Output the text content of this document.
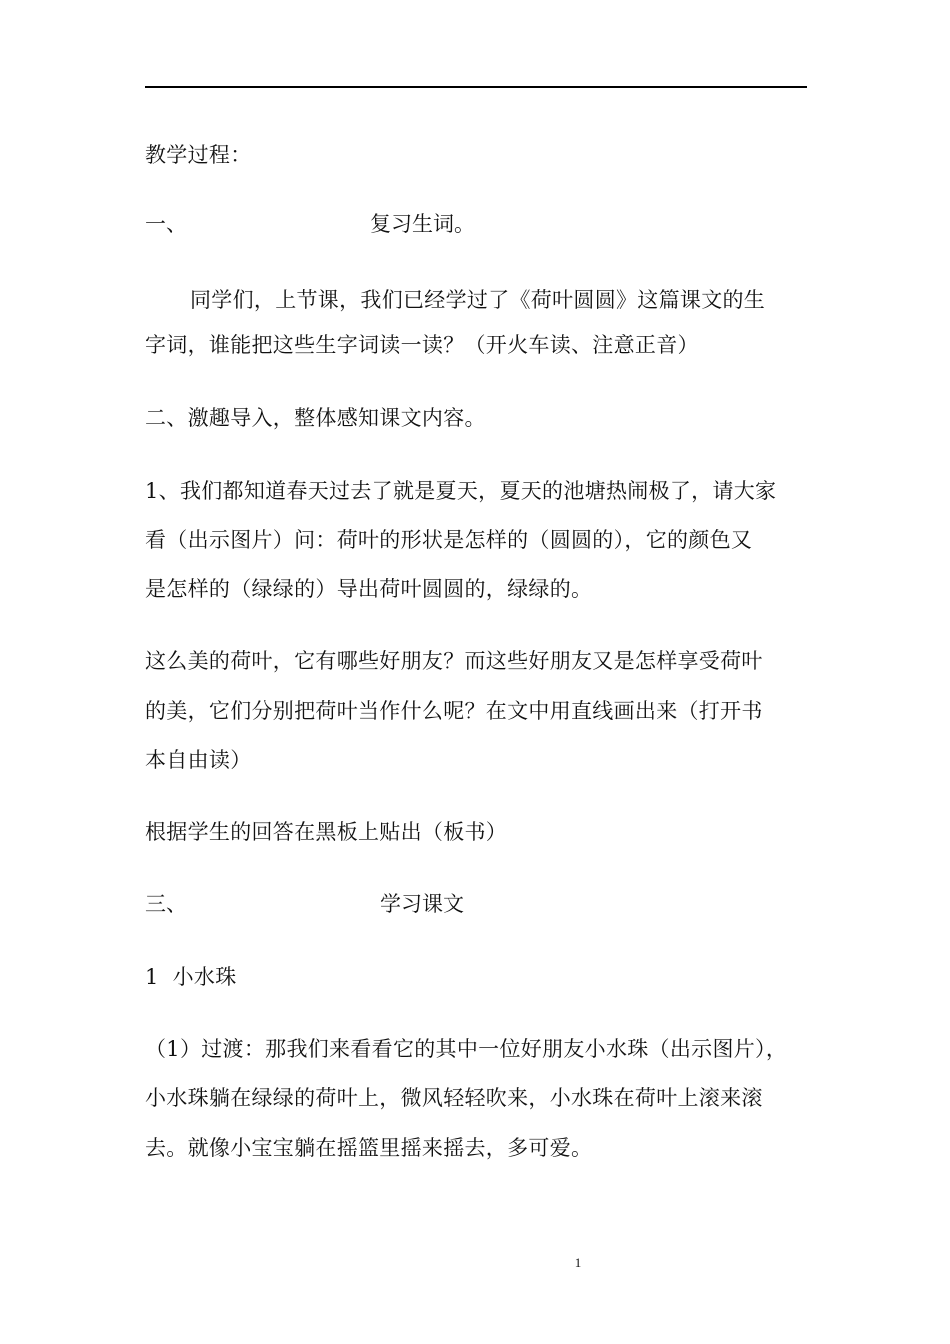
教学过程：
一、	复习生词。
同学们，上节课，我们已经学过了《荷叶圆圆》这篇课文的生
字词，谁能把这些生字词读一读？（开火车读、注意正音）
二、激趣导入，整体感知课文内容。
1、我们都知道春天过去了就是夏天，夏天的池塘热闹极了，请大家
看（出示图片）问：荷叶的形状是怎样的（圆圆的），它的颜色又
是怎样的（绿绿的）导出荷叶圆圆的，绿绿的。
这么美的荷叶，它有哪些好朋友？而这些好朋友又是怎样享受荷叶
的美，它们分别把荷叶当作什么呢？在文中用直线画出来（打开书
本自由读）
根据学生的回答在黑板上贴出（板书）
三、	学习课文
1  小水珠
（1）过渡：那我们来看看它的其中一位好朋友小水珠（出示图片），
小水珠躺在绿绿的荷叶上，微风轻轻吹来，小水珠在荷叶上滚来滚
去。就像小宝宝躺在摇篮里摇来摇去，多可爱。
1
